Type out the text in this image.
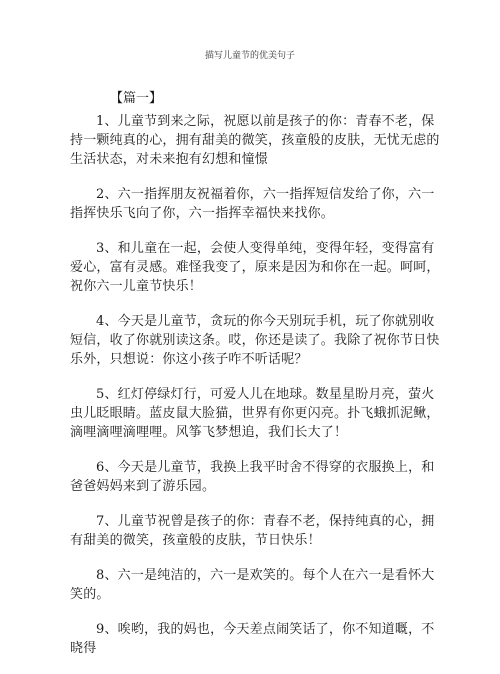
描写儿童节的优美句子
【篇一】

1、儿童节到来之际，祝愿以前是孩子的你：青春不老，保持一颗纯真的心，拥有甜美的微笑，孩童般的皮肤，无忧无虑的生活状态，对未来抱有幻想和憧憬

2、六一指挥朋友祝福着你，六一指挥短信发给了你，六一指挥快乐飞向了你，六一指挥幸福快来找你。

3、和儿童在一起，会使人变得单纯，变得年轻，变得富有爱心，富有灵感。难怪我变了，原来是因为和你在一起。呵呵，祝你六一儿童节快乐！

4、今天是儿童节，贪玩的你今天别玩手机，玩了你就别收短信，收了你就别读这条。哎，你还是读了。我除了祝你节日快乐外，只想说：你这小孩子咋不听话呢？

5、红灯停绿灯行，可爱人儿在地球。数星星盼月亮，萤火虫儿眨眼睛。蓝皮鼠大脸猫，世界有你更闪亮。扑飞蛾抓泥鳅，滴哩滴哩滴哩哩。风筝飞梦想追，我们长大了！

6、今天是儿童节，我换上我平时舍不得穿的衣服换上，和爸爸妈妈来到了游乐园。

7、儿童节祝曾是孩子的你：青春不老，保持纯真的心，拥有甜美的微笑，孩童般的皮肤，节日快乐！

8、六一是纯洁的，六一是欢笑的。每个人在六一是看怀大笑的。

9、唉哟，我的妈也，今天差点闹笑话了，你不知道嘅，不晓得
